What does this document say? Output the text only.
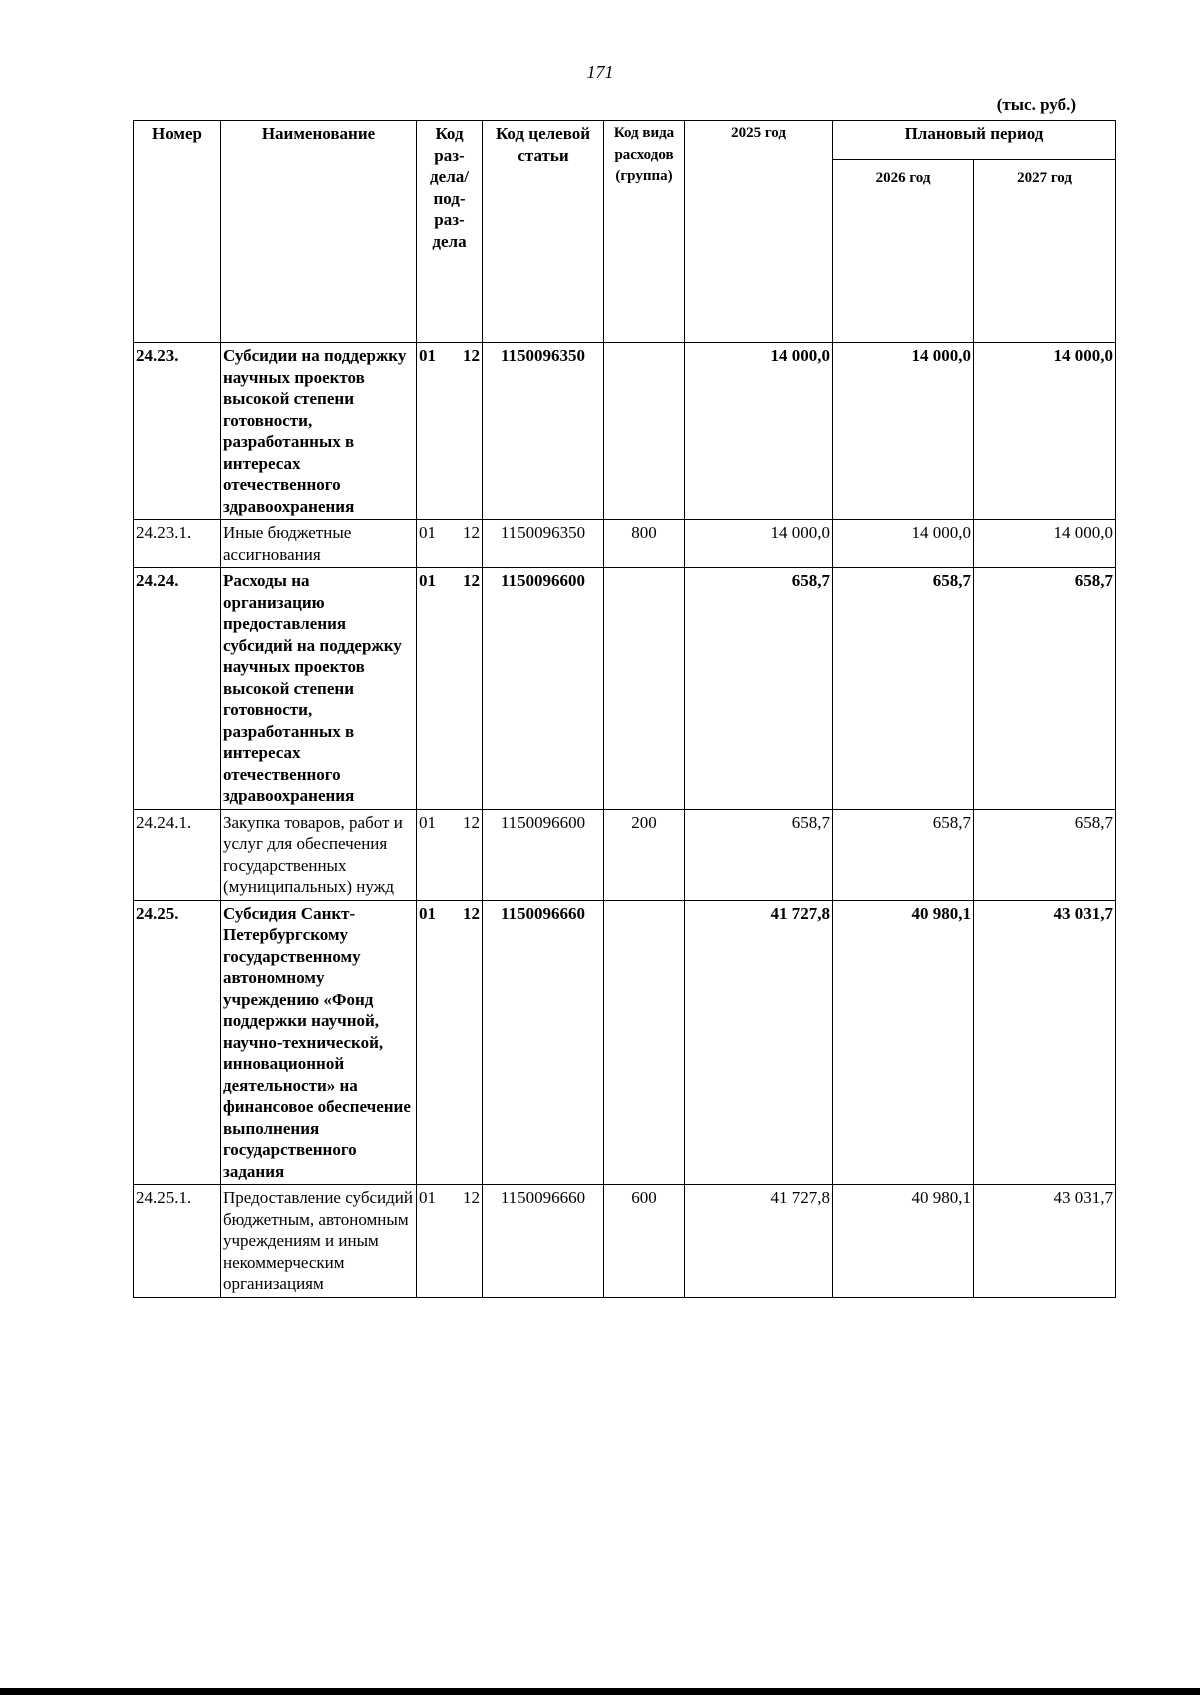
171
(тыс. руб.)
Номер	Наименование	Код раз- дела/ под- раз- дела	Код целевой статьи	Код вида расходов (группа)	2025 год	Плановый период	
						2026 год	2027 год
24.23.	Субсидии на поддержку научных проектов высокой степени готовности, разработанных в интересах отечественного здравоохранения	01 12	1150096350		14 000,0	14 000,0	14 000,0
24.23.1.	Иные бюджетные ассигнования	01 12	1150096350	800	14 000,0	14 000,0	14 000,0
24.24.	Расходы на организацию предоставления субсидий на поддержку научных проектов высокой степени готовности, разработанных в интересах отечественного здравоохранения	01 12	1150096600		658,7	658,7	658,7
24.24.1.	Закупка товаров, работ и услуг для обеспечения государственных (муниципальных) нужд	01 12	1150096600	200	658,7	658,7	658,7
24.25.	Субсидия Санкт-Петербургскому государственному автономному учреждению «Фонд поддержки научной, научно-технической, инновационной деятельности» на финансовое обеспечение выполнения государственного задания	01 12	1150096660		41 727,8	40 980,1	43 031,7
24.25.1.	Предоставление субсидий бюджетным, автономным учреждениям и иным некоммерческим организациям	01 12	1150096660	600	41 727,8	40 980,1	43 031,7
